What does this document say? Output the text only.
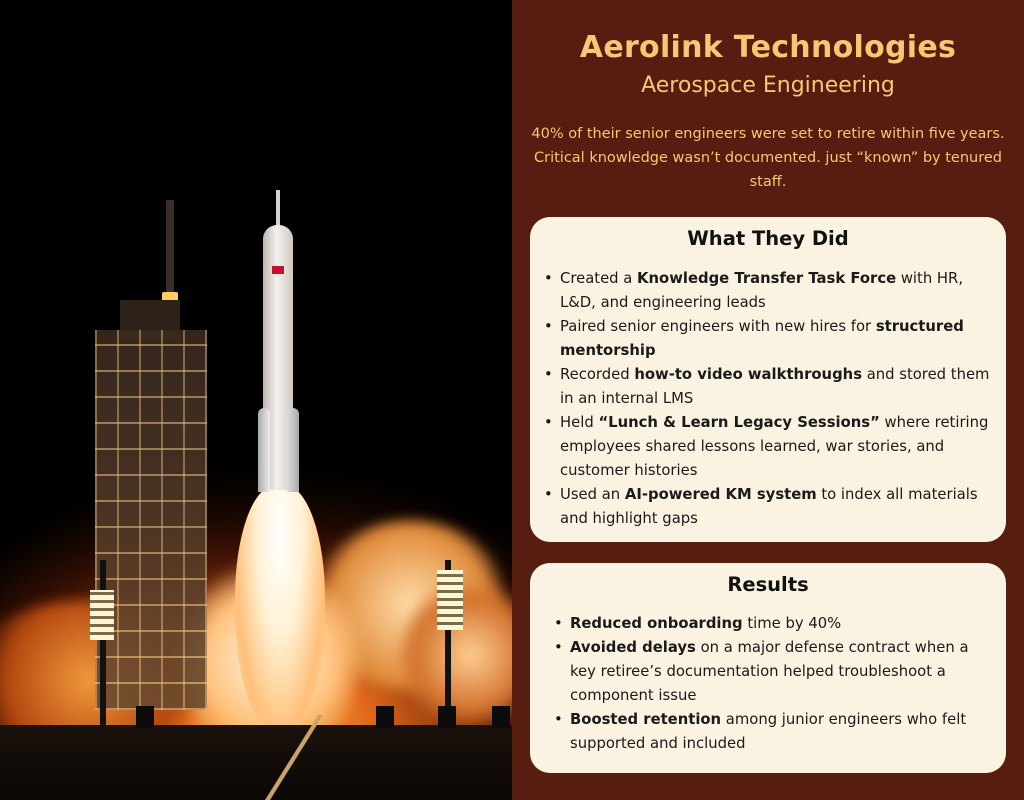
Aerolink Technologies

Aerospace Engineering

40% of their senior engineers were set to retire within five years. Critical knowledge wasn’t documented. just “known” by tenured staff.

What They Did
• Created a Knowledge Transfer Task Force with HR, L&D, and engineering leads
• Paired senior engineers with new hires for structured mentorship
• Recorded how-to video walkthroughs and stored them in an internal LMS
• Held “Lunch & Learn Legacy Sessions” where retiring employees shared lessons learned, war stories, and customer histories
• Used an AI-powered KM system to index all materials and highlight gaps
Results
• Reduced onboarding time by 40%
• Avoided delays on a major defense contract when a key retiree’s documentation helped troubleshoot a component issue
• Boosted retention among junior engineers who felt supported and included
